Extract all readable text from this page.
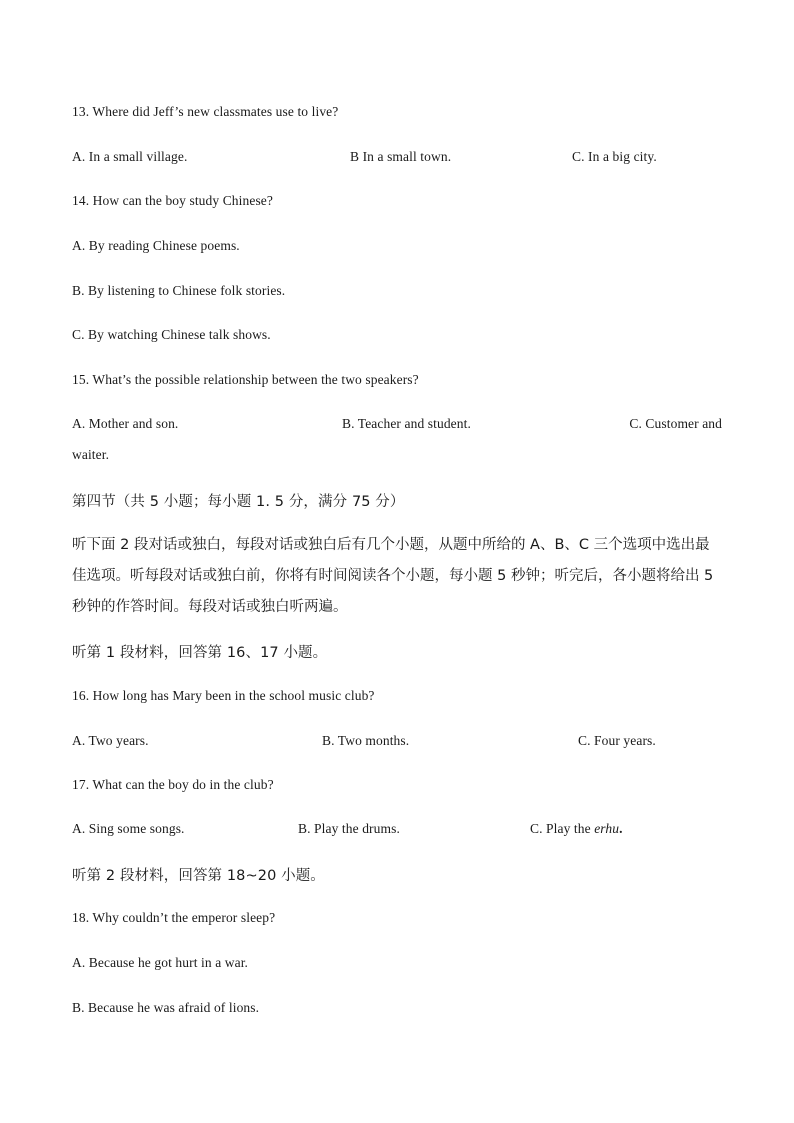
13. Where did Jeff’s new classmates use to live?
A. In a small village.	B In a small town.	C. In a big city.
14. How can the boy study Chinese?
A. By reading Chinese poems.
B. By listening to Chinese folk stories.
C. By watching Chinese talk shows.
15. What’s the possible relationship between the two speakers?
A. Mother and son.	B. Teacher and student.	C. Customer and
waiter.
第四节（共 5 小题；每小题 1. 5 分，满分 75 分）
听下面 2 段对话或独白，每段对话或独白后有几个小题，从题中所给的 A、B、C 三个选项中选出最佳选项。听每段对话或独白前，你将有时间阅读各个小题，每小题 5 秒钟；听完后，各小题将给出 5 秒钟的作答时间。每段对话或独白听两遍。
听第 1 段材料，回答第 16、17 小题。
16. How long has Mary been in the school music club?
A. Two years.	B. Two months.	C. Four years.
17. What can the boy do in the club?
A. Sing some songs.	B. Play the drums.	C. Play the erhu.
听第 2 段材料，回答第 18~20 小题。
18. Why couldn’t the emperor sleep?
A. Because he got hurt in a war.
B. Because he was afraid of lions.
